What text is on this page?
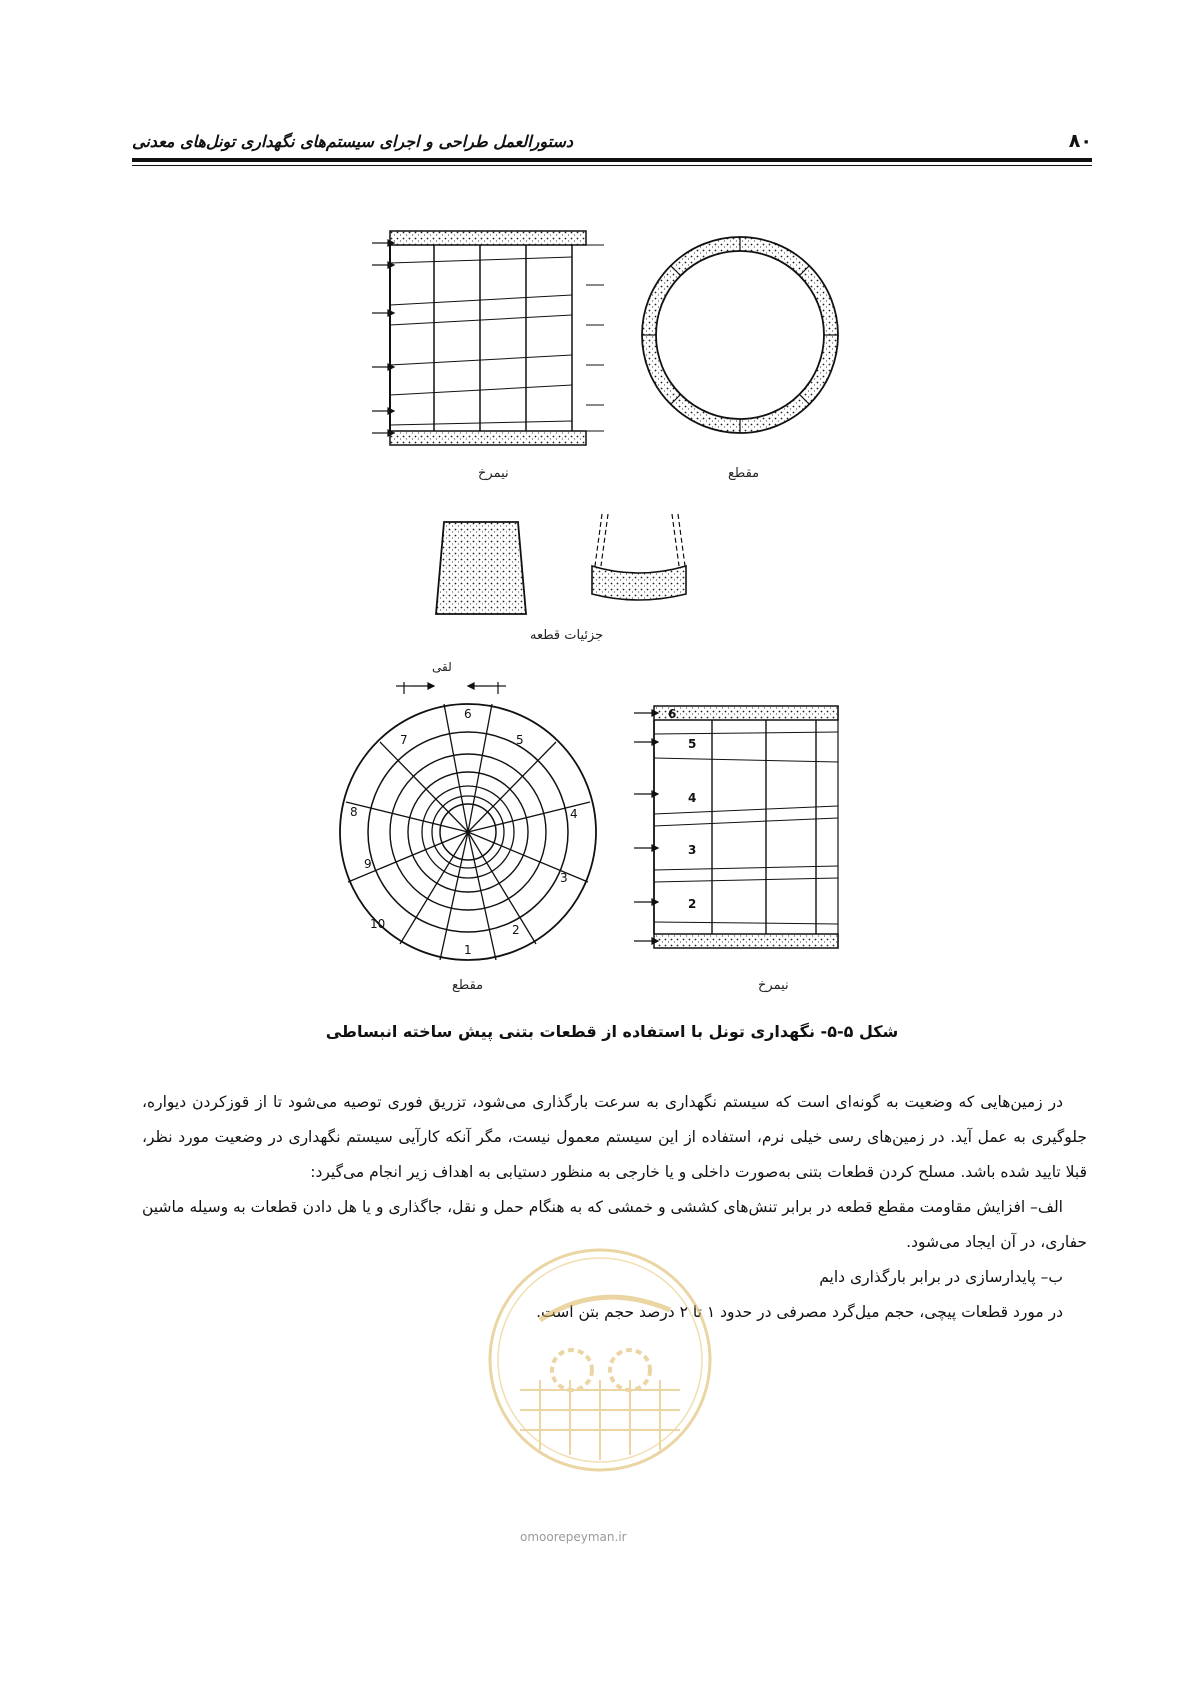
۸۰
دستورالعمل طراحی و اجرای سیستم‌های نگهداری تونل‌های معدنی
نیمرخ	مقطع
جزئیات قطعه
6
5
4
3
2
1
10
9
8
7
لقی
مقطع
6
5
4
3
2
نیمرخ
شکل ۵-۵- نگهداری تونل با استفاده از قطعات بتنی پیش ساخته انبساطی

در زمین‌هایی که وضعیت به گونه‌ای است که سیستم نگهداری به سرعت بارگذاری می‌شود، تزریق فوری توصیه می‌شود تا از قوزکردن دیواره، جلوگیری به عمل آید. در زمین‌های رسی خیلی نرم، استفاده از این سیستم معمول نیست، مگر آنکه کارآیی سیستم نگهداری در وضعیت مورد نظر، قبلا تایید شده باشد. مسلح کردن قطعات بتنی به‌صورت داخلی و یا خارجی به منظور دستیابی به اهداف زیر انجام می‌گیرد:

الف– افزایش مقاومت مقطع قطعه در برابر تنش‌های کششی و خمشی که به هنگام حمل و نقل، جاگذاری و یا هل دادن قطعات به وسیله ماشین حفاری، در آن ایجاد می‌شود.

ب– پایدارسازی در برابر بارگذاری دایم

در مورد قطعات پیچی، حجم میل‌گرد مصرفی در حدود ۱ تا ۲ درصد حجم بتن است.

omoorepeyman.ir
